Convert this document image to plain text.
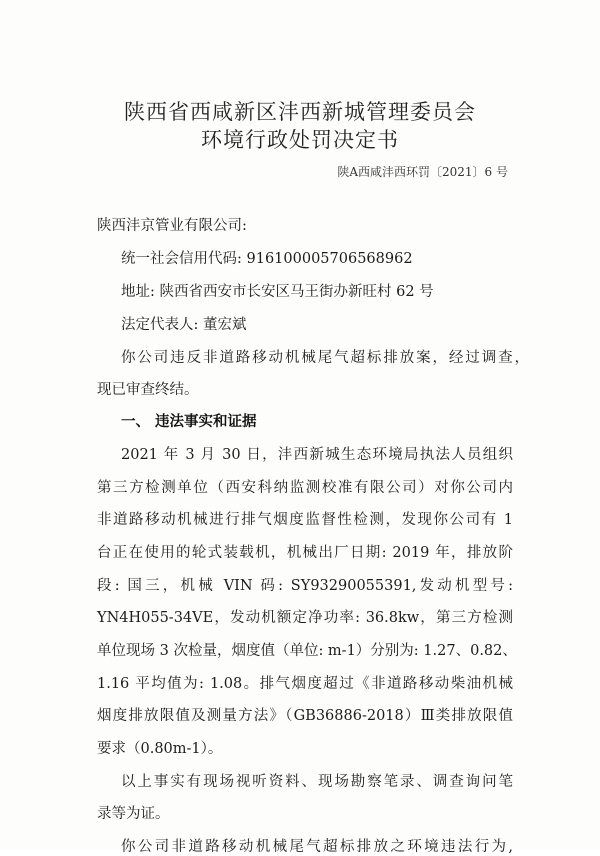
陕西省西咸新区沣西新城管理委员会
环境行政处罚决定书
陕A西咸沣西环罚〔2021〕6 号
陕西沣京管业有限公司:
统一社会信用代码: 91610000570656896​2
地址: 陕西省西安市长安区马王街办新旺村 62 号
法定代表人: 董宏斌
你公司违反非道路移动机械尾气超标排放案，经过调查，
现已审查终结。
一、 违法事实和证据
2021 年 3 月 30 日，沣西新城生态环境局执法人员组织
第三方检测单位（西安科纳监测校准有限公司）对你公司内
非道路移动机械进行排气烟度监督性检测，发现你公司有 1
台正在使用的轮式装载机，机械出厂日期: 2019 年，排放阶
段: 国三，机械 VIN 码: SY93290055391,发动机型号:
YN4H055-34VE，发动机额定净功率: 36.8kw，第三方检测
单位现场 3 次检量，烟度值（单位: m-1）分别为: 1.27、0.82、
1.16 平均值为: 1.08。排气烟度超过《非道路移动柴油机械
烟度排放限值及测量方法》（GB36886-2018）Ⅲ类排放限值
要求（0.80m-1）。
以上事实有现场视听资料、现场勘察笔录、调查询问笔
录等为证。
你公司非道路移动机械尾气超标排放之环境违法行为,
